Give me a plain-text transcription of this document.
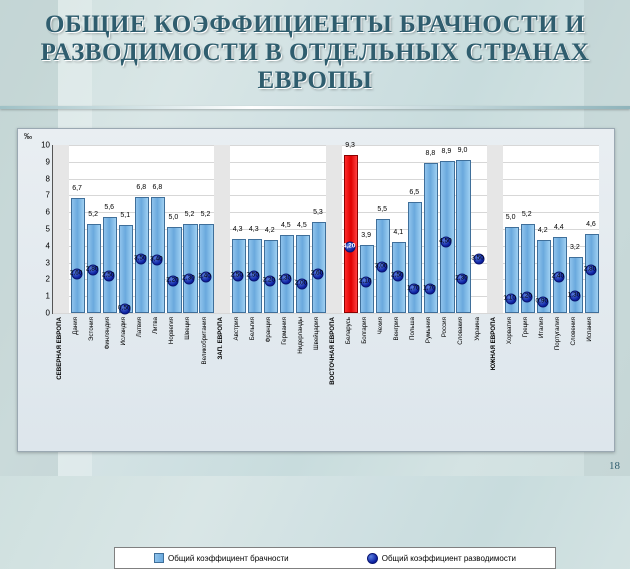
ОБЩИЕ КОЭФФИЦИЕНТЫ БРАЧНОСТИ И РАЗВОДИМОСТИ В ОТДЕЛЬНЫХ СТРАНАХ ЕВРОПЫ
‰
0
1
2
3
4
5
6
7
8
9
10
6,7
2,60
5,2
2,80
5,6
2,50
5,1
0,50
6,8
3,50
6,8
3,40
5,0
2,20
5,2
2,30
5,2
2,40
4,3
2,50
4,3
2,50
4,2
2,20
4,5
2,30
4,5
2,00
5,3
2,60
9,3
4,20
3,9
2,10
5,5
3,00
4,1
2,50
6,5
1,70
8,8
1,70
8,9
4,50
9,0
2,30
3,50
5,0
1,10
5,2
1,20
4,2
0,90
4,4
2,40
3,2
1,30
4,6
2,80
СЕВЕРНАЯ ЕВРОПА Дания Эстония Финляндия Исландия Латвия Литва Норвегия Швеция Великобритания ЗАП. ЕВРОПА Австрия Бельгия Франция Германия Нидерланды Швейцария ВОСТОЧНАЯ ЕВРОПА Беларусь Болгария Чехия Венгрия Польша Румыния Россия Словакия Украина ЮЖНАЯ ЕВРОПА Хорватия Греция Италия Португалия Словения Испания
Общий коэффициент брачности	Общий коэффициент разводимости
18
